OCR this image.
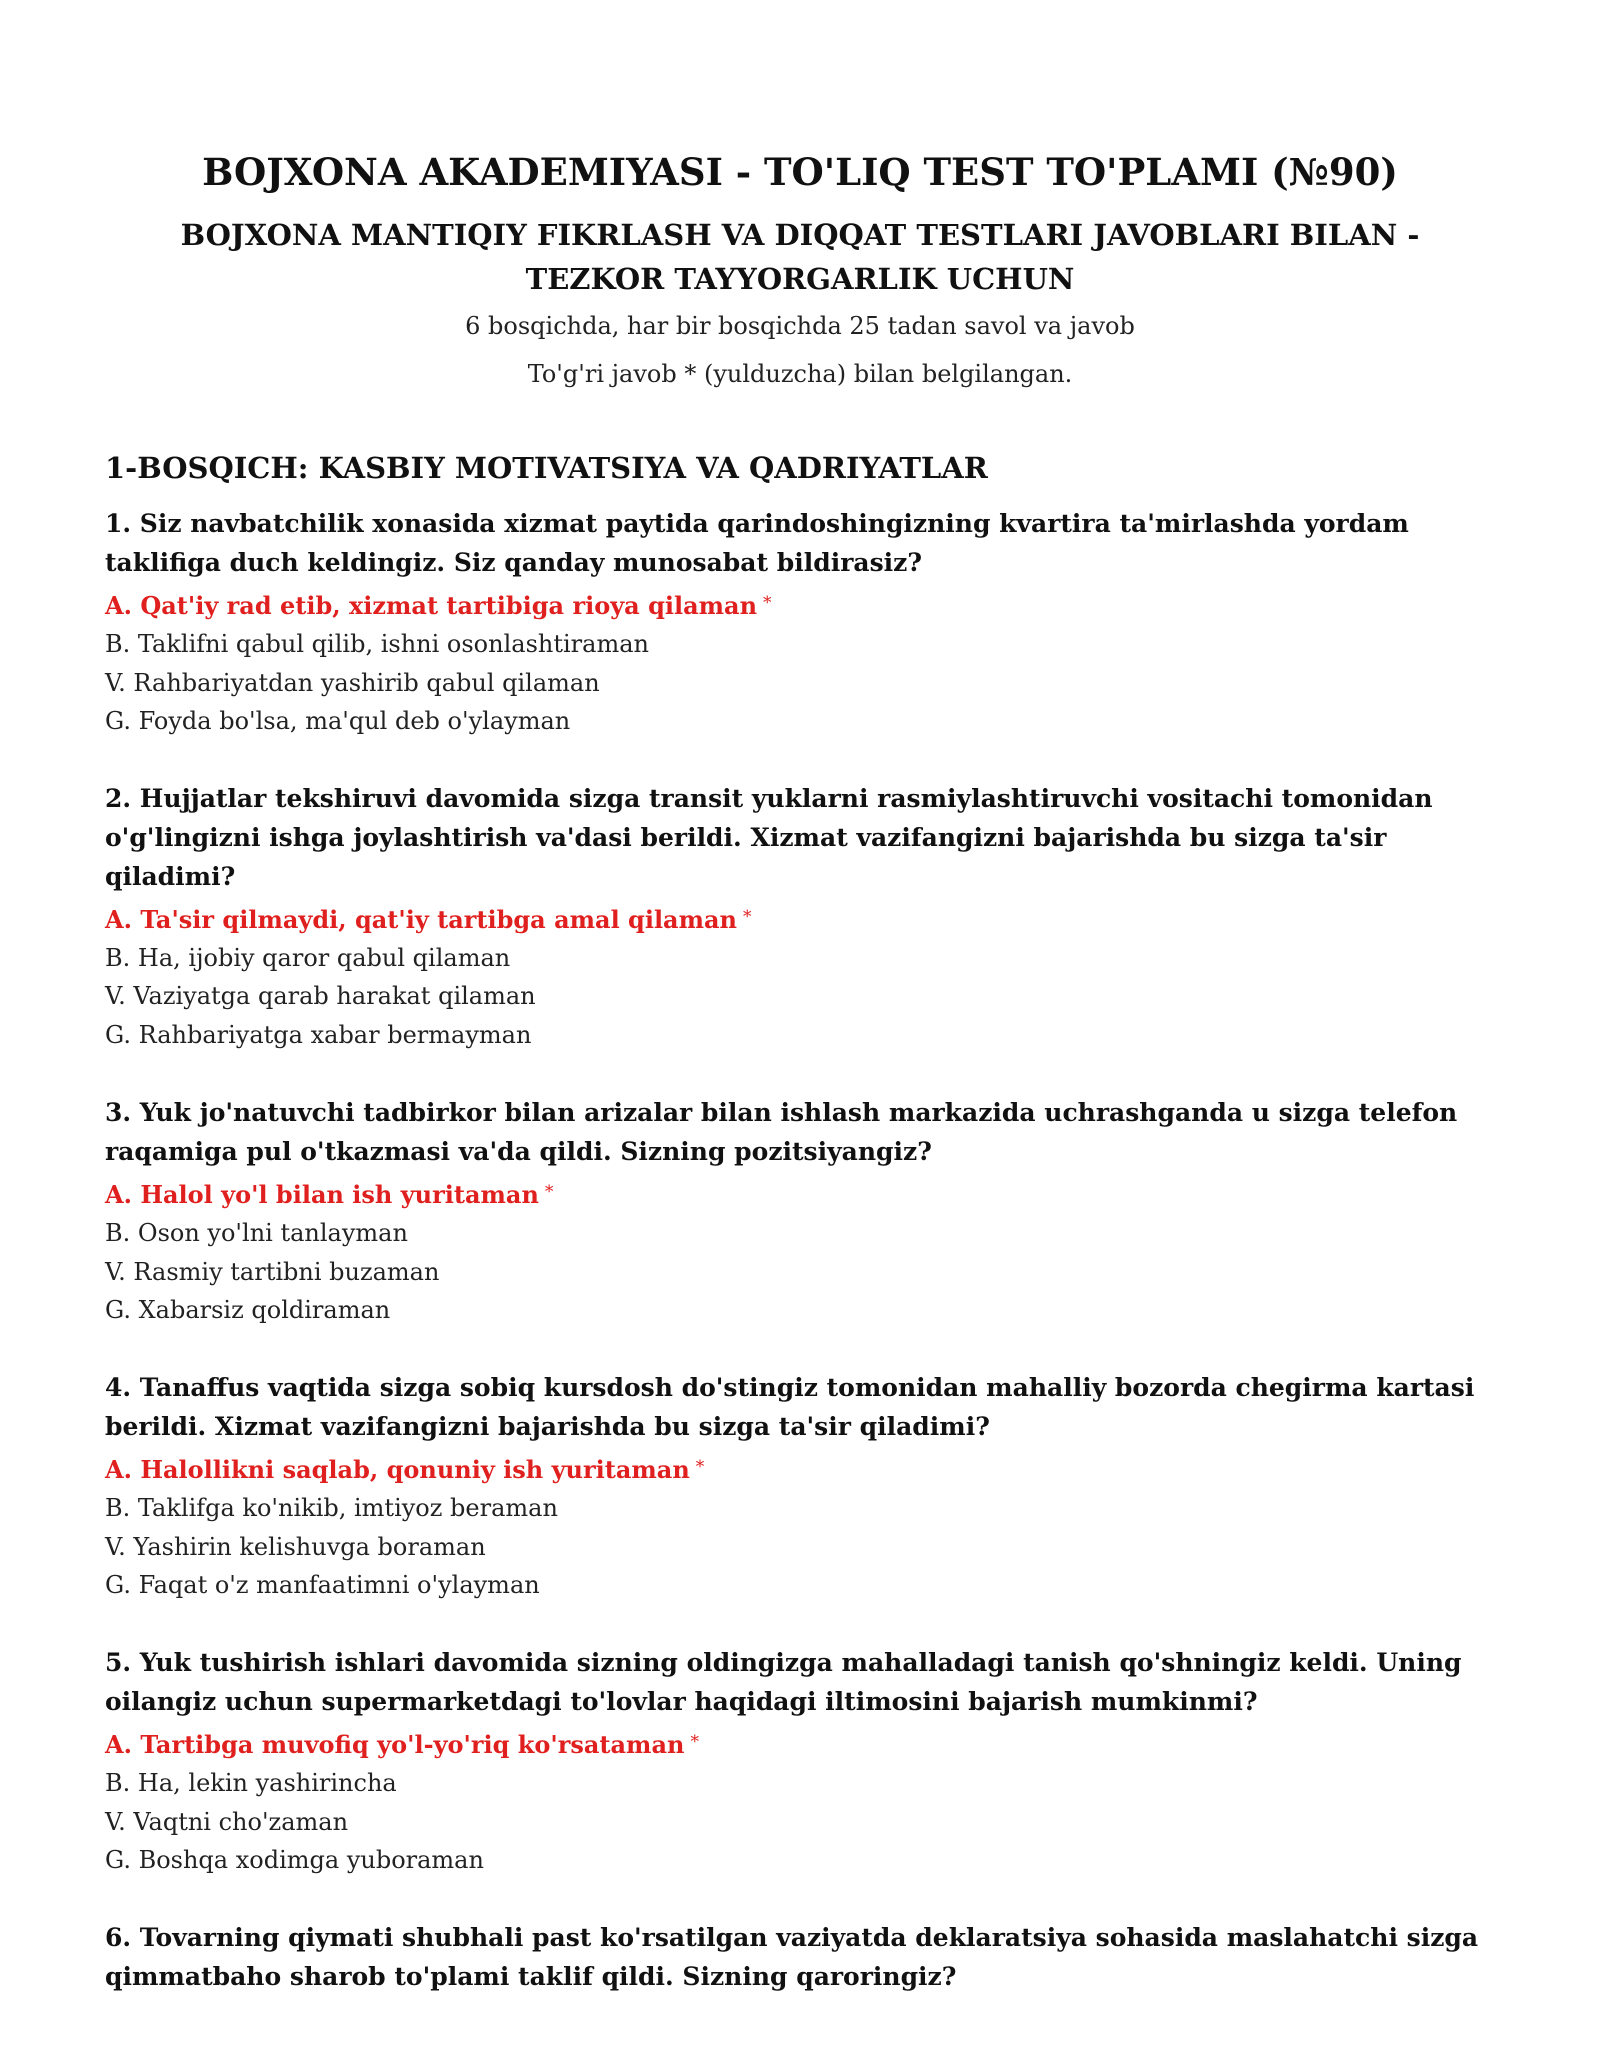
BOJXONA AKADEMIYASI - TO'LIQ TEST TO'PLAMI (№90)
BOJXONA MANTIQIY FIKRLASH VA DIQQAT TESTLARI JAVOBLARI BILAN - TEZKOR TAYYORGARLIK UCHUN
6 bosqichda, har bir bosqichda 25 tadan savol va javob
To'g'ri javob * (yulduzcha) bilan belgilangan.
1-BOSQICH: KASBIY MOTIVATSIYA VA QADRIYATLAR
1. Siz navbatchilik xonasida xizmat paytida qarindoshingizning kvartira ta'mirlashda yordam taklifiga duch keldingiz. Siz qanday munosabat bildirasiz?
A. Qat'iy rad etib, xizmat tartibiga rioya qilaman *
B. Taklifni qabul qilib, ishni osonlashtiraman
V. Rahbariyatdan yashirib qabul qilaman
G. Foyda bo'lsa, ma'qul deb o'ylayman
2. Hujjatlar tekshiruvi davomida sizga transit yuklarni rasmiylashtiruvchi vositachi tomonidan o'g'lingizni ishga joylashtirish va'dasi berildi. Xizmat vazifangizni bajarishda bu sizga ta'sir qiladimi?
A. Ta'sir qilmaydi, qat'iy tartibga amal qilaman *
B. Ha, ijobiy qaror qabul qilaman
V. Vaziyatga qarab harakat qilaman
G. Rahbariyatga xabar bermayman
3. Yuk jo'natuvchi tadbirkor bilan arizalar bilan ishlash markazida uchrashganda u sizga telefon raqamiga pul o'tkazmasi va'da qildi. Sizning pozitsiyangiz?
A. Halol yo'l bilan ish yuritaman *
B. Oson yo'lni tanlayman
V. Rasmiy tartibni buzaman
G. Xabarsiz qoldiraman
4. Tanaffus vaqtida sizga sobiq kursdosh do'stingiz tomonidan mahalliy bozorda chegirma kartasi berildi. Xizmat vazifangizni bajarishda bu sizga ta'sir qiladimi?
A. Halollikni saqlab, qonuniy ish yuritaman *
B. Taklifga ko'nikib, imtiyoz beraman
V. Yashirin kelishuvga boraman
G. Faqat o'z manfaatimni o'ylayman
5. Yuk tushirish ishlari davomida sizning oldingizga mahalladagi tanish qo'shningiz keldi. Uning oilangiz uchun supermarketdagi to'lovlar haqidagi iltimosini bajarish mumkinmi?
A. Tartibga muvofiq yo'l-yo'riq ko'rsataman *
B. Ha, lekin yashirincha
V. Vaqtni cho'zaman
G. Boshqa xodimga yuboraman
6. Tovarning qiymati shubhali past ko'rsatilgan vaziyatda deklaratsiya sohasida maslahatchi sizga qimmatbaho sharob to'plami taklif qildi. Sizning qaroringiz?
